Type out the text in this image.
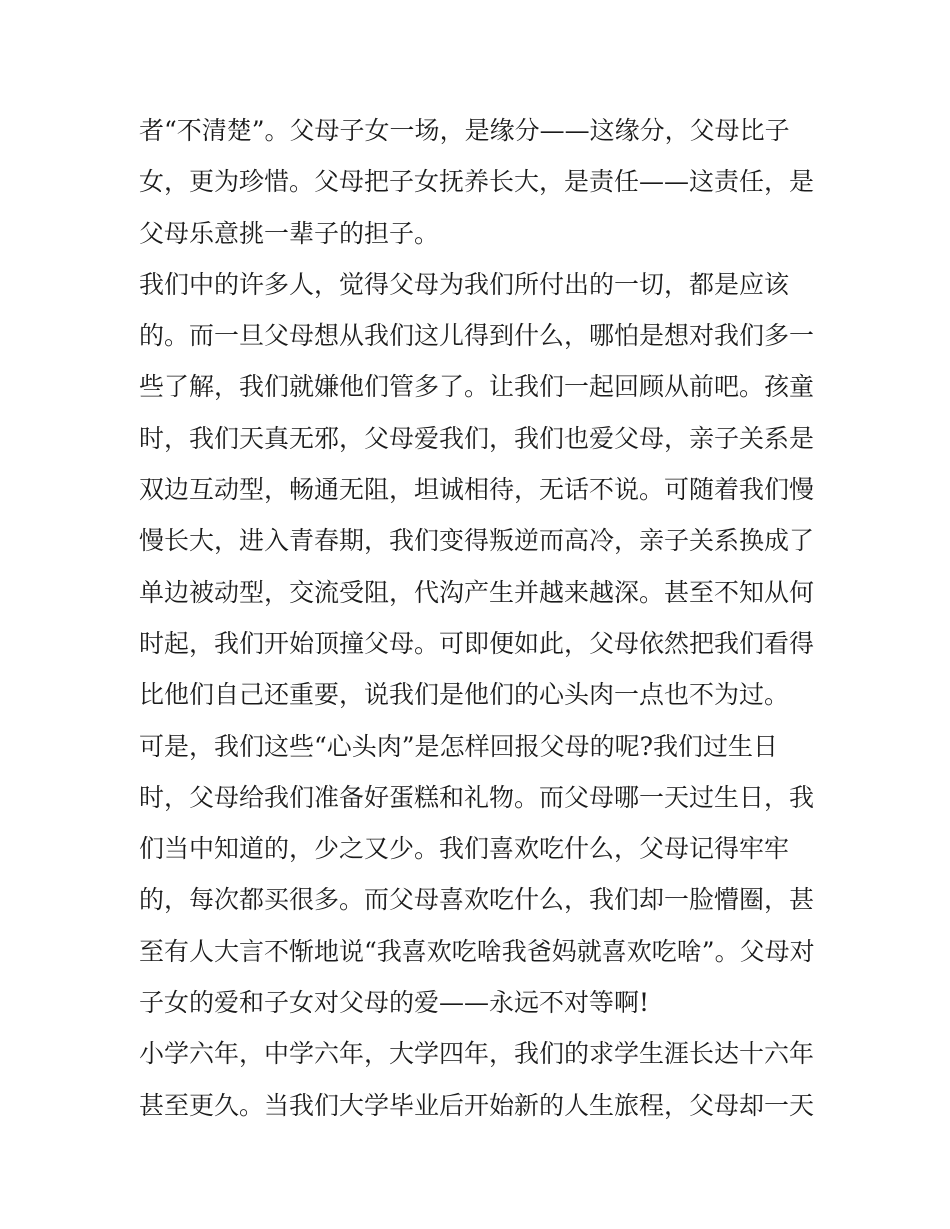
者“不清楚”。父母子女一场，是缘分——这缘分，父母比子
女，更为珍惜。父母把子女抚养长大，是责任——这责任，是
父母乐意挑一辈子的担子。
我们中的许多人，觉得父母为我们所付出的一切，都是应该
的。而一旦父母想从我们这儿得到什么，哪怕是想对我们多一
些了解，我们就嫌他们管多了。让我们一起回顾从前吧。孩童
时，我们天真无邪，父母爱我们，我们也爱父母，亲子关系是
双边互动型，畅通无阻，坦诚相待，无话不说。可随着我们慢
慢长大，进入青春期，我们变得叛逆而高冷，亲子关系换成了
单边被动型，交流受阻，代沟产生并越来越深。甚至不知从何
时起，我们开始顶撞父母。可即便如此，父母依然把我们看得
比他们自己还重要，说我们是他们的心头肉一点也不为过。
可是，我们这些“心头肉”是怎样回报父母的呢?我们过生日
时，父母给我们准备好蛋糕和礼物。而父母哪一天过生日，我
们当中知道的，少之又少。我们喜欢吃什么，父母记得牢牢
的，每次都买很多。而父母喜欢吃什么，我们却一脸懵圈，甚
至有人大言不惭地说“我喜欢吃啥我爸妈就喜欢吃啥”。父母对
子女的爱和子女对父母的爱——永远不对等啊!
小学六年，中学六年，大学四年，我们的求学生涯长达十六年
甚至更久。当我们大学毕业后开始新的人生旅程，父母却一天
